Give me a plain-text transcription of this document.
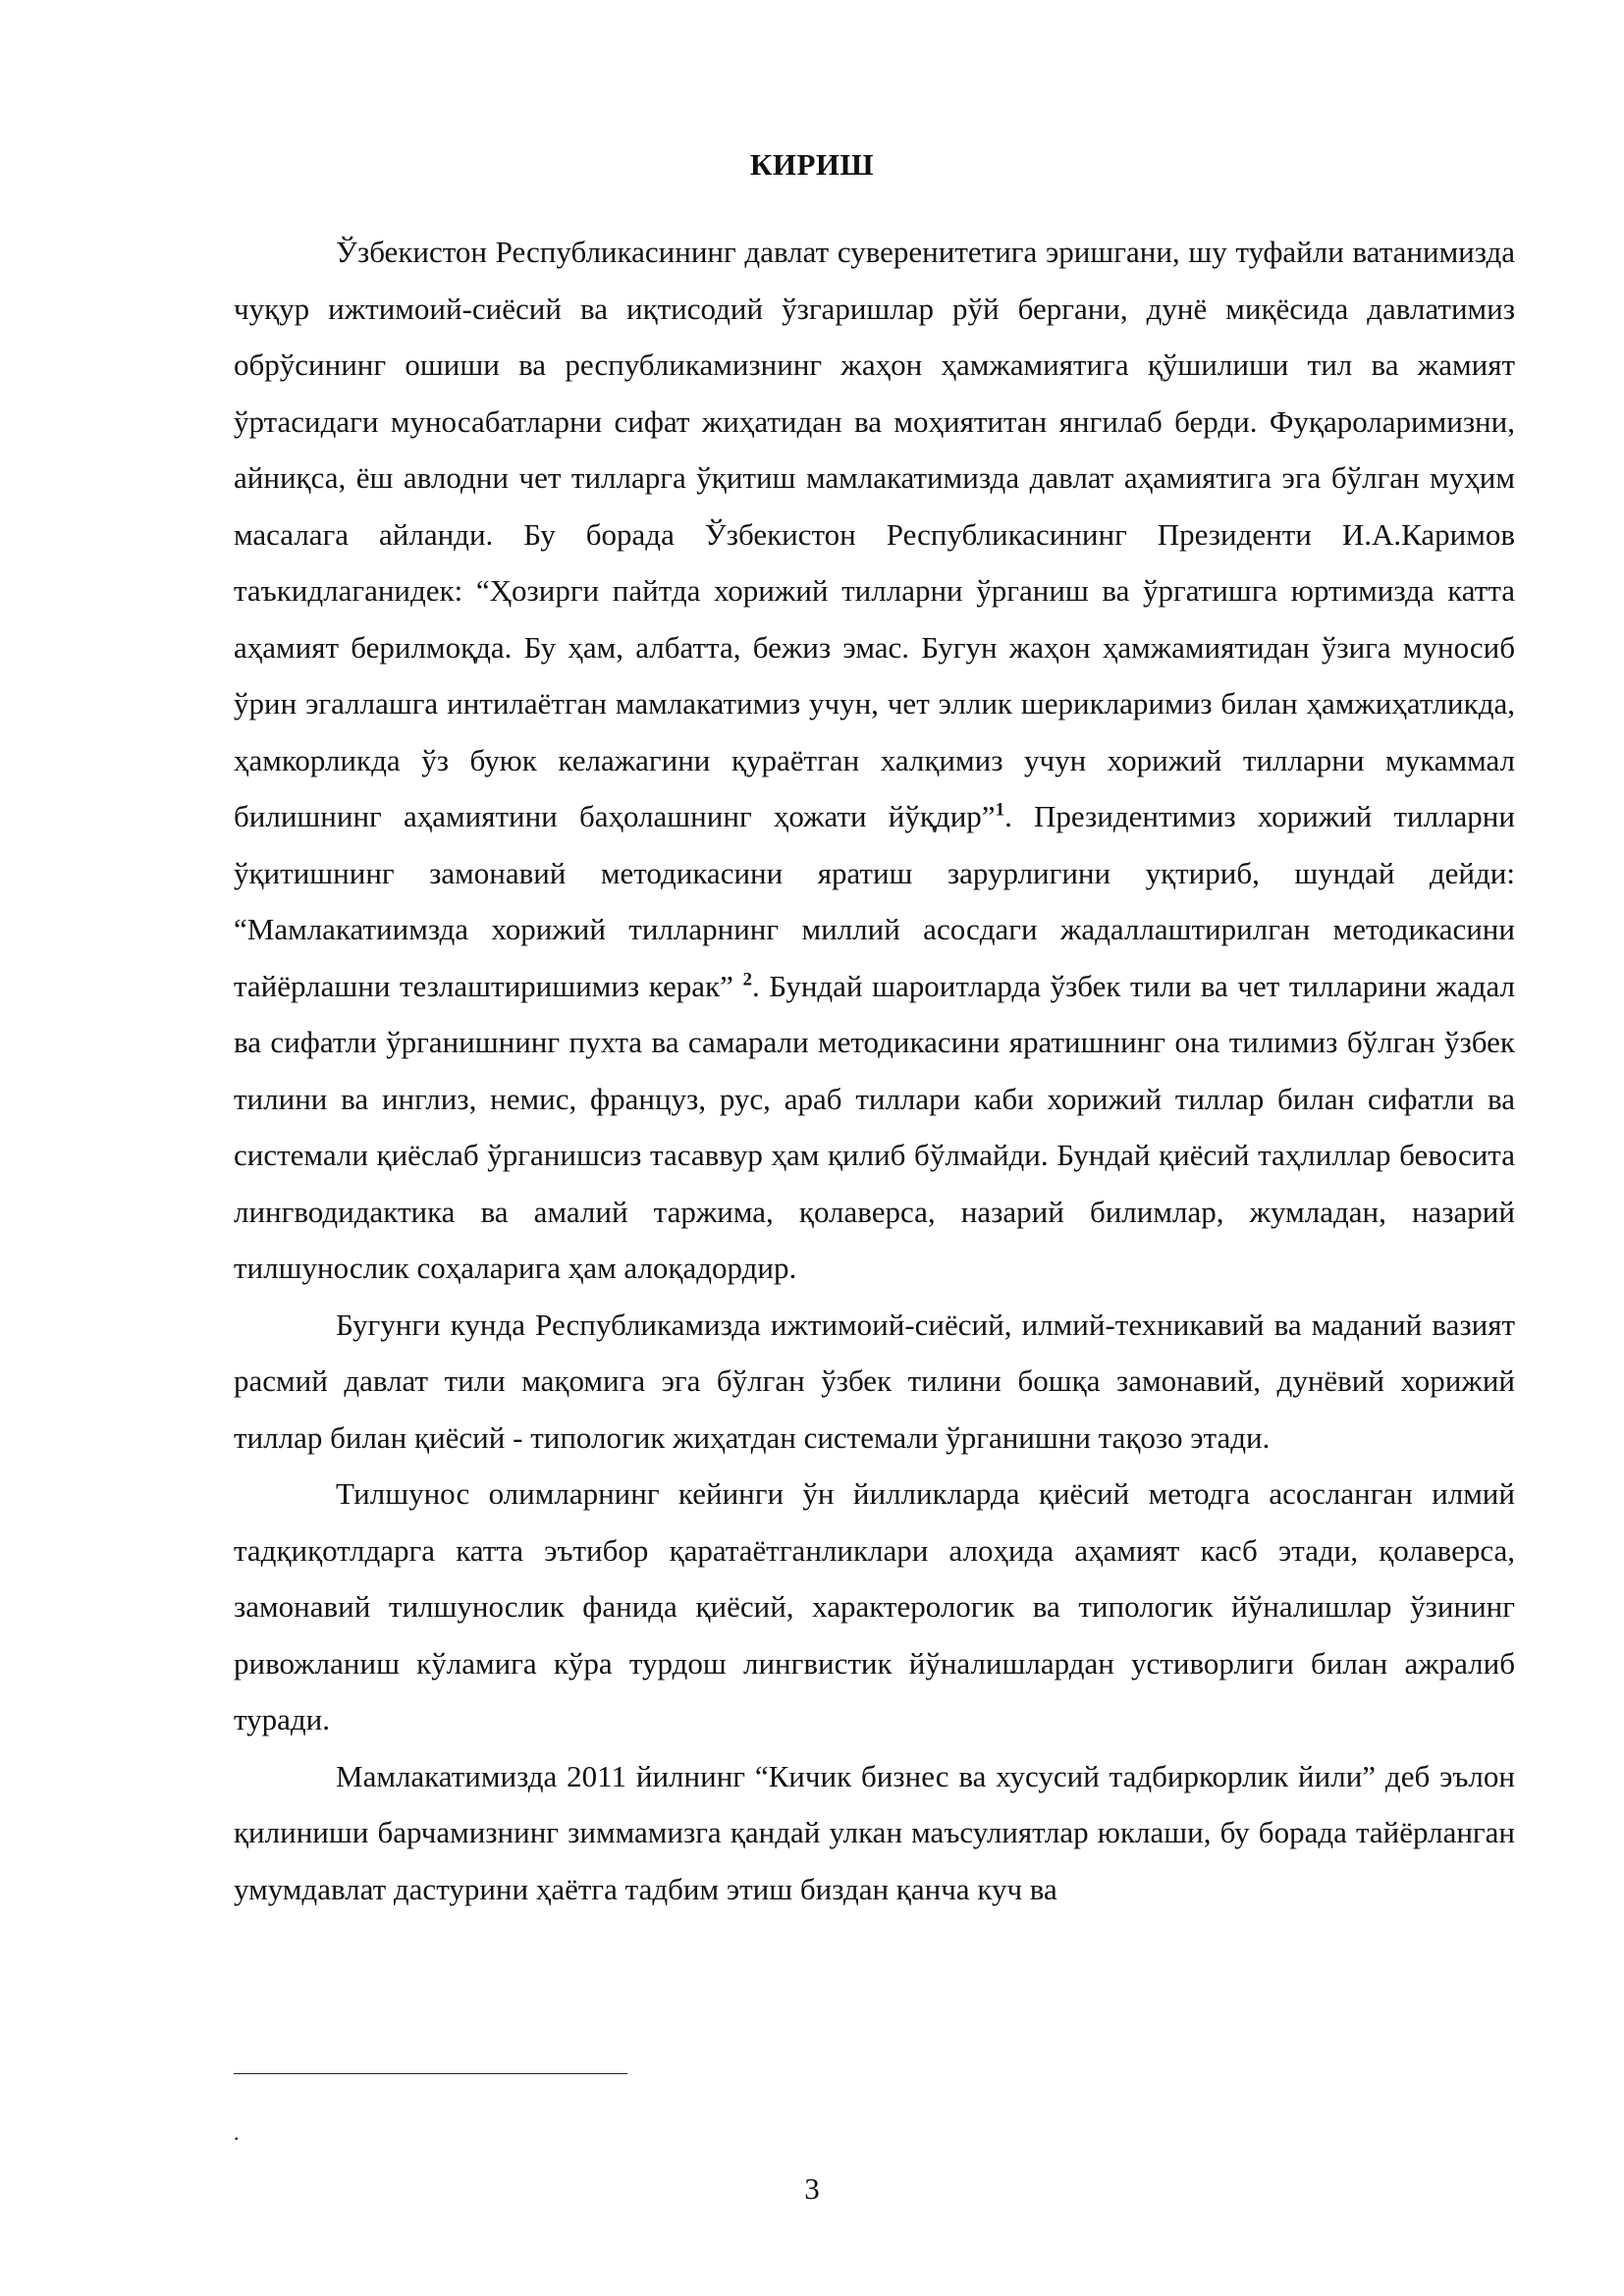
КИРИШ

Ўзбекистон Республикасининг давлат суверенитетига эришгани, шу туфайли ватанимизда чуқур ижтимоий-сиёсий ва иқтисодий ўзгаришлар рўй бергани, дунё миқёсида давлатимиз обрўсининг ошиши ва республикамизнинг жаҳон ҳамжамиятига қўшилиши тил ва жамият ўртасидаги муносабатларни сифат жиҳатидан ва моҳиятитан янгилаб берди. Фуқароларимизни, айниқса, ёш авлодни чет тилларга ўқитиш мамлакатимизда давлат аҳамиятига эга бўлган муҳим масалага айланди. Бу борада Ўзбекистон Республикасининг Президенти И.А.Каримов таъкидлаганидек: “Ҳозирги пайтда хорижий тилларни ўрганиш ва ўргатишга юртимизда катта аҳамият берилмоқда. Бу ҳам, албатта, бежиз эмас. Бугун жаҳон ҳамжамиятидан ўзига муносиб ўрин эгаллашга интилаётган мамлакатимиз учун, чет эллик шерикларимиз билан ҳамжиҳатликда, ҳамкорликда ўз буюк келажагини қураётган халқимиз учун хорижий тилларни мукаммал билишнинг аҳамиятини баҳолашнинг ҳожати йўқдир”$^1$. Президентимиз хорижий тилларни ўқитишнинг замонавий методикасини яратиш зарурлигини уқтириб, шундай дейди: “Мамлакатиимзда хорижий тилларнинг миллий асосдаги жадаллаштирилган методикасини тайёрлашни тезлаштиришимиз керак” $^2$. Бундай шароитларда ўзбек тили ва чет тилларини жадал ва сифатли ўрганишнинг пухта ва самарали методикасини яратишнинг она тилимиз бўлган ўзбек тилини ва инглиз, немис, француз, рус, араб тиллари каби хорижий тиллар билан сифатли ва системали қиёслаб ўрганишсиз тасаввур ҳам қилиб бўлмайди. Бундай қиёсий таҳлиллар бевосита лингводидактика ва амалий таржима, қолаверса, назарий билимлар, жумладан, назарий тилшунослик соҳаларига ҳам алоқадордир.

Бугунги кунда Республикамизда ижтимоий-сиёсий, илмий-техникавий ва маданий вазият расмий давлат тили мақомига эга бўлган ўзбек тилини бошқа замонавий, дунёвий хорижий тиллар билан қиёсий - типологик жиҳатдан системали ўрганишни тақозо этади.

Тилшунос олимларнинг кейинги ўн йилликларда қиёсий методга асосланган илмий тадқиқотлдарга катта эътибор қаратаётганликлари алоҳида аҳамият касб этади, қолаверса, замонавий тилшунослик фанида қиёсий, характерологик ва типологик йўналишлар ўзининг ривожланиш кўламига кўра турдош лингвистик йўналишлардан устиворлиги билан ажралиб туради.

Мамлакатимизда 2011 йилнинг “Кичик бизнес ва хусусий тадбиркорлик йили” деб эълон қилиниши барчамизнинг зиммамизга қандай улкан маъсулиятлар юклаши, бу борада тайёрланган умумдавлат дастурини ҳаётга тадбим этиш биздан қанча куч ва

.

3
